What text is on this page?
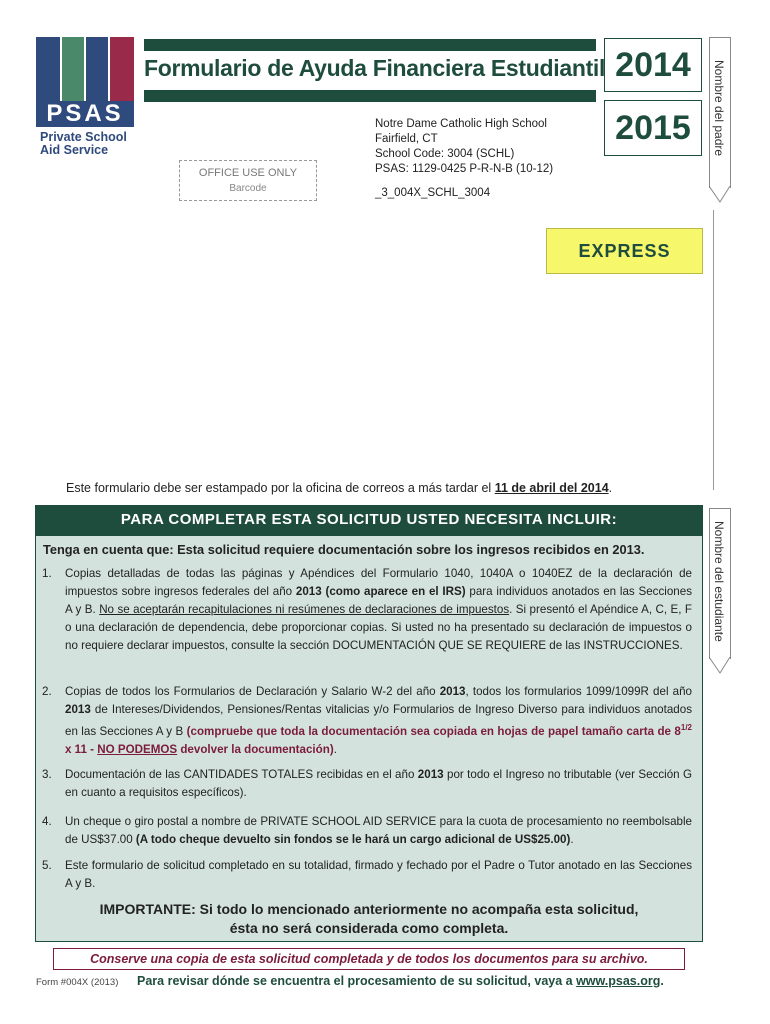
PSAS
Private School
Aid Service
Formulario de Ayuda Financiera Estudiantil 2014
2015	Nombre del padre
OFFICE USE ONLY
Barcode
Notre Dame Catholic High School
Fairfield, CT
School Code: 3004 (SCHL)
PSAS: 1129-0425 P-R-N-B (10-12)
_3_004X_SCHL_3004
EXPRESS
Este formulario debe ser estampado por la oficina de correos a más tardar el 11 de abril del 2014.
Nombre del estudiante
PARA COMPLETAR ESTA SOLICITUD USTED NECESITA INCLUIR:
Tenga en cuenta que: Esta solicitud requiere documentación sobre los ingresos recibidos en 2013.
1. Copias detalladas de todas las páginas y Apéndices del Formulario 1040, 1040A o 1040EZ de la declaración de impuestos sobre ingresos federales del año 2013 (como aparece en el IRS) para individuos anotados en las Secciones A y B. No se aceptarán recapitulaciones ni resúmenes de declaraciones de impuestos. Si presentó el Apéndice A, C, E, F o una declaración de dependencia, debe proporcionar copias. Si usted no ha presentado su declaración de impuestos o no requiere declarar impuestos, consulte la sección DOCUMENTACIÓN QUE SE REQUIERE de las INSTRUCCIONES.
2. Copias de todos los Formularios de Declaración y Salario W-2 del año 2013, todos los formularios 1099/1099R del año 2013 de Intereses/Dividendos, Pensiones/Rentas vitalicias y/o Formularios de Ingreso Diverso para individuos anotados en las Secciones A y B (compruebe que toda la documentación sea copiada en hojas de papel tamaño carta de $8^{1/2}$ x 11 - NO PODEMOS devolver la documentación).
3. Documentación de las CANTIDADES TOTALES recibidas en el año 2013 por todo el Ingreso no tributable (ver Sección G en cuanto a requisitos específicos).
4. Un cheque o giro postal a nombre de PRIVATE SCHOOL AID SERVICE para la cuota de procesamiento no reembolsable de US$37.00 (A todo cheque devuelto sin fondos se le hará un cargo adicional de US$25.00).
5. Este formulario de solicitud completado en su totalidad, firmado y fechado por el Padre o Tutor anotado en las Secciones A y B.
IMPORTANTE: Si todo lo mencionado anteriormente no acompaña esta solicitud,
ésta no será considerada como completa.
Conserve una copia de esta solicitud completada y de todos los documentos para su archivo.
Form #004X (2013) Para revisar dónde se encuentra el procesamiento de su solicitud, vaya a www.psas.org.
